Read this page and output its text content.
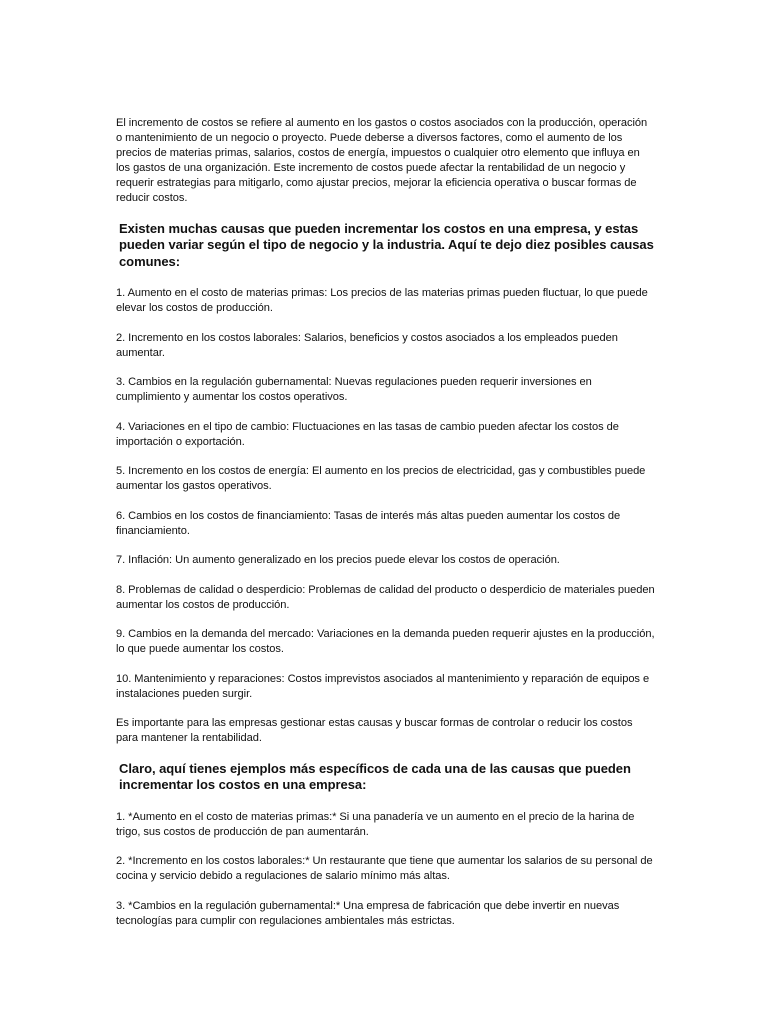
El incremento de costos se refiere al aumento en los gastos o costos asociados con la producción, operación o mantenimiento de un negocio o proyecto. Puede deberse a diversos factores, como el aumento de los precios de materias primas, salarios, costos de energía, impuestos o cualquier otro elemento que influya en los gastos de una organización. Este incremento de costos puede afectar la rentabilidad de un negocio y requerir estrategias para mitigarlo, como ajustar precios, mejorar la eficiencia operativa o buscar formas de reducir costos.

Existen muchas causas que pueden incrementar los costos en una empresa, y estas pueden variar según el tipo de negocio y la industria. Aquí te dejo diez posibles causas comunes:

1. Aumento en el costo de materias primas: Los precios de las materias primas pueden fluctuar, lo que puede elevar los costos de producción.

2. Incremento en los costos laborales: Salarios, beneficios y costos asociados a los empleados pueden aumentar.

3. Cambios en la regulación gubernamental: Nuevas regulaciones pueden requerir inversiones en cumplimiento y aumentar los costos operativos.

4. Variaciones en el tipo de cambio: Fluctuaciones en las tasas de cambio pueden afectar los costos de importación o exportación.

5. Incremento en los costos de energía: El aumento en los precios de electricidad, gas y combustibles puede aumentar los gastos operativos.

6. Cambios en los costos de financiamiento: Tasas de interés más altas pueden aumentar los costos de financiamiento.

7. Inflación: Un aumento generalizado en los precios puede elevar los costos de operación.

8. Problemas de calidad o desperdicio: Problemas de calidad del producto o desperdicio de materiales pueden aumentar los costos de producción.

9. Cambios en la demanda del mercado: Variaciones en la demanda pueden requerir ajustes en la producción, lo que puede aumentar los costos.

10. Mantenimiento y reparaciones: Costos imprevistos asociados al mantenimiento y reparación de equipos e instalaciones pueden surgir.

Es importante para las empresas gestionar estas causas y buscar formas de controlar o reducir los costos para mantener la rentabilidad.

Claro, aquí tienes ejemplos más específicos de cada una de las causas que pueden incrementar los costos en una empresa:

1. *Aumento en el costo de materias primas:* Si una panadería ve un aumento en el precio de la harina de trigo, sus costos de producción de pan aumentarán.

2. *Incremento en los costos laborales:* Un restaurante que tiene que aumentar los salarios de su personal de cocina y servicio debido a regulaciones de salario mínimo más altas.

3. *Cambios en la regulación gubernamental:* Una empresa de fabricación que debe invertir en nuevas tecnologías para cumplir con regulaciones ambientales más estrictas.
